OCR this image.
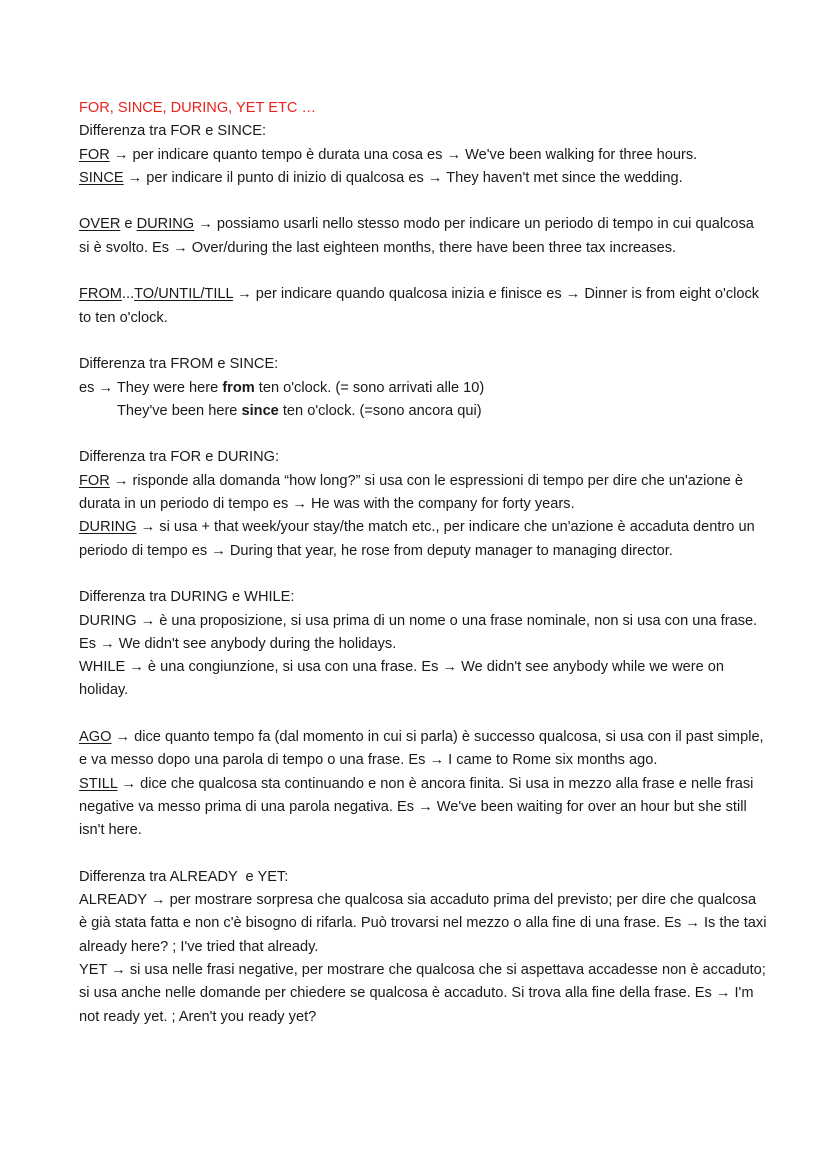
FOR, SINCE, DURING, YET ETC …

Differenza tra FOR e SINCE:

FOR → per indicare quanto tempo è durata una cosa es → We've been walking for three hours.

SINCE → per indicare il punto di inizio di qualcosa es → They haven't met since the wedding.

OVER e DURING → possiamo usarli nello stesso modo per indicare un periodo di tempo in cui qualcosa si è svolto. Es → Over/during the last eighteen months, there have been three tax increases.

FROM...TO/UNTIL/TILL → per indicare quando qualcosa inizia e finisce es → Dinner is from eight o'clock to ten o'clock.

Differenza tra FROM e SINCE:

es → They were here from ten o'clock. (= sono arrivati alle 10)

They've been here since ten o'clock. (=sono ancora qui)

Differenza tra FOR e DURING:

FOR → risponde alla domanda “how long?” si usa con le espressioni di tempo per dire che un'azione è durata in un periodo di tempo es → He was with the company for forty years.

DURING → si usa + that week/your stay/the match etc., per indicare che un'azione è accaduta dentro un periodo di tempo es → During that year, he rose from deputy manager to managing director.

Differenza tra DURING e WHILE:

DURING → è una proposizione, si usa prima di un nome o una frase nominale, non si usa con una frase. Es → We didn't see anybody during the holidays.

WHILE → è una congiunzione, si usa con una frase. Es → We didn't see anybody while we were on holiday.

AGO → dice quanto tempo fa (dal momento in cui si parla) è successo qualcosa, si usa con il past simple, e va messo dopo una parola di tempo o una frase. Es → I came to Rome six months ago.

STILL → dice che qualcosa sta continuando e non è ancora finita. Si usa in mezzo alla frase e nelle frasi negative va messo prima di una parola negativa. Es → We've been waiting for over an hour but she still isn't here.

Differenza tra ALREADY  e YET:

ALREADY → per mostrare sorpresa che qualcosa sia accaduto prima del previsto; per dire che qualcosa è già stata fatta e non c'è bisogno di rifarla. Può trovarsi nel mezzo o alla fine di una frase. Es → Is the taxi already here? ; I've tried that already.

YET → si usa nelle frasi negative, per mostrare che qualcosa che si aspettava accadesse non è accaduto; si usa anche nelle domande per chiedere se qualcosa è accaduto. Si trova alla fine della frase. Es → I'm not ready yet. ; Aren't you ready yet?
